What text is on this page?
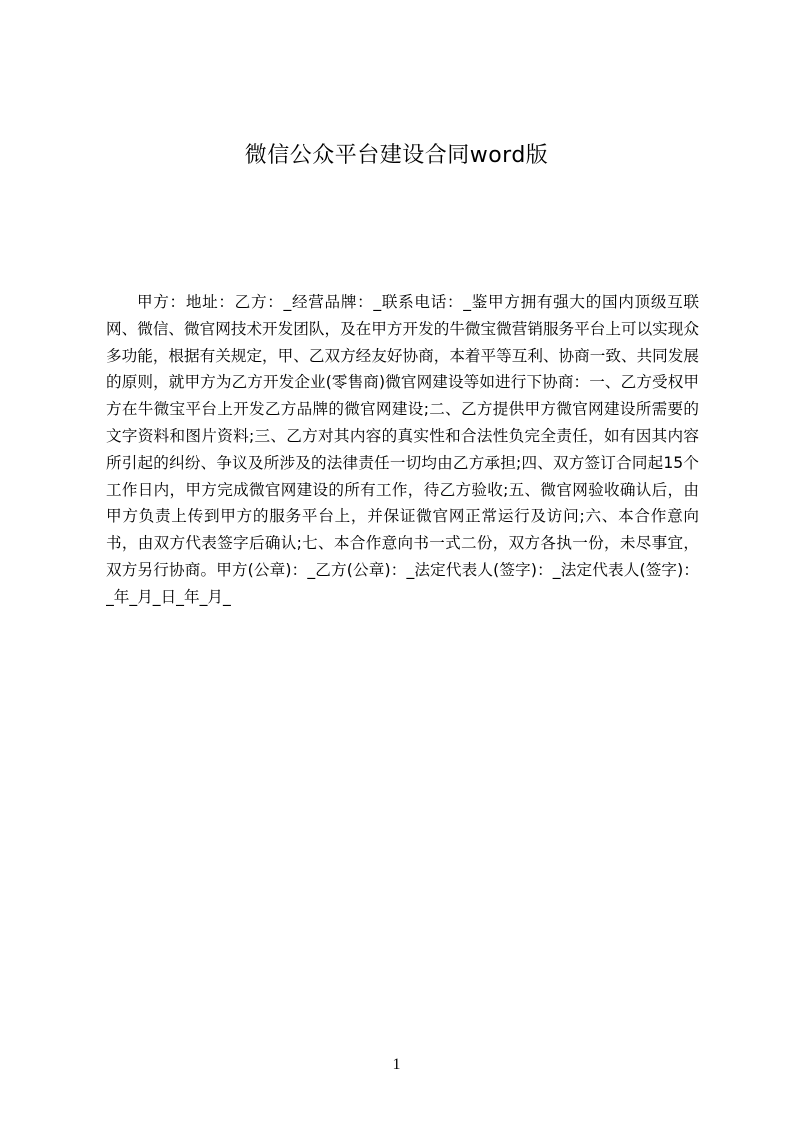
微信公众平台建设合同word版

甲方：地址：乙方：_经营品牌：_联系电话：_鉴甲方拥有强大的国内顶级互联网、微信、微官网技术开发团队，及在甲方开发的牛微宝微营销服务平台上可以实现众多功能，根据有关规定，甲、乙双方经友好协商，本着平等互利、协商一致、共同发展的原则，就甲方为乙方开发企业(零售商)微官网建设等如进行下协商：一、乙方受权甲方在牛微宝平台上开发乙方品牌的微官网建设;二、乙方提供甲方微官网建设所需要的文字资料和图片资料;三、乙方对其内容的真实性和合法性负完全责任，如有因其内容所引起的纠纷、争议及所涉及的法律责任一切均由乙方承担;四、双方签订合同起15个工作日内，甲方完成微官网建设的所有工作，待乙方验收;五、微官网验收确认后，由甲方负责上传到甲方的服务平台上，并保证微官网正常运行及访问;六、本合作意向书，由双方代表签字后确认;七、本合作意向书一式二份，双方各执一份，未尽事宜，双方另行协商。甲方(公章)：_乙方(公章)：_法定代表人(签字)：_法定代表人(签字)：_年_月_日_年_月_

1
